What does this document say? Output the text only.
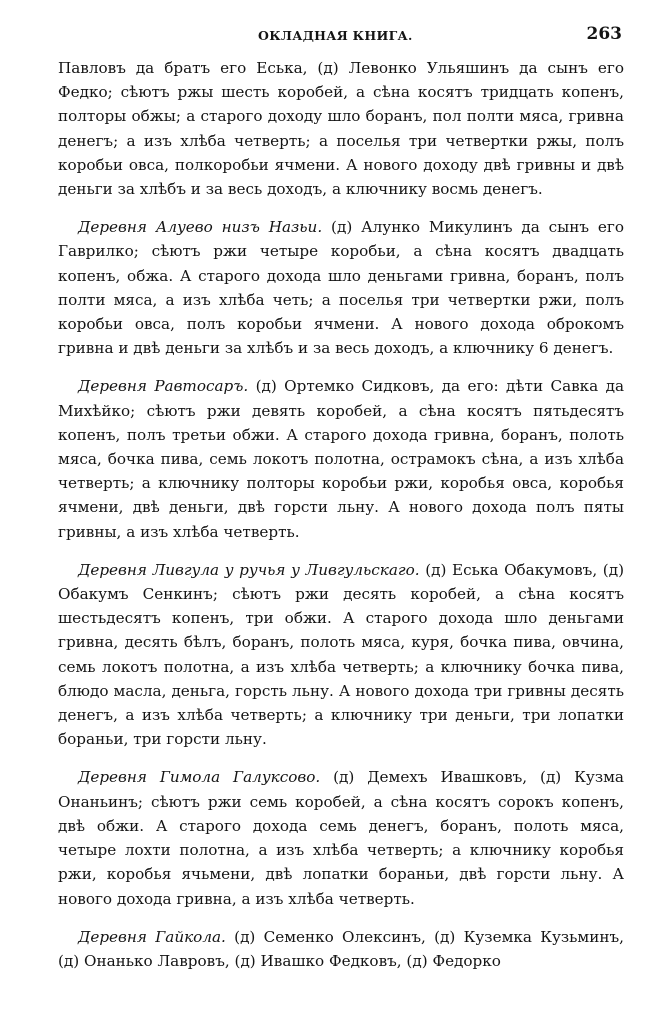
ОКЛАДНАЯ КНИГА.	263

Павловъ да братъ его Еська, (д) Левонко Ульяшинъ да сынъ его Федко; сѣютъ ржы шесть коробей, а сѣна косятъ тридцать копенъ, полторы обжы; а старого доходу шло боранъ, пол полти мяса, гривна денегъ; а изъ хлѣба четверть; а поселья три четвертки ржы, полъ коробьи овса, полкоробьи ячмени. А нового доходу двѣ гривны и двѣ деньги за хлѣбъ и за весь доходъ, а ключнику восмь денегъ.

Деревня Алуево низъ Назьи. (д) Алунко Микулинъ да сынъ его Гаврилко; сѣютъ ржи четыре коробьи, а сѣна косятъ двадцать копенъ, обжа. А старого дохода шло деньгами гривна, боранъ, полъ полти мяса, а изъ хлѣба четь; а поселья три четвертки ржи, полъ коробьи овса, полъ коробьи ячмени. А нового дохода оброкомъ гривна и двѣ деньги за хлѣбъ и за весь доходъ, а ключнику 6 денегъ.

Деревня Равтосаръ. (д) Ортемко Сидковъ, да его: дѣти Савка да Михѣйко; сѣютъ ржи девять коробей, а сѣна косятъ пятьдесятъ копенъ, полъ третьи обжи. А старого дохода гривна, боранъ, полоть мяса, бочка пива, семь локотъ полотна, острамокъ сѣна, а изъ хлѣба четверть; а ключнику полторы коробьи ржи, коробья овса, коробья ячмени, двѣ деньги, двѣ горсти льну. А нового дохода полъ пяты гривны, а изъ хлѣба четверть.

Деревня Ливгула у ручья у Ливгульскаго. (д) Еська Обакумовъ, (д) Обакумъ Сенкинъ; сѣютъ ржи десять коробей, а сѣна косятъ шестьдесятъ копенъ, три обжи. А старого дохода шло деньгами гривна, десять бѣлъ, боранъ, полоть мяса, куря, бочка пива, овчина, семь локотъ полотна, а изъ хлѣба четверть; а ключнику бочка пива, блюдо масла, деньга, горсть льну. А нового дохода три гривны десять денегъ, а изъ хлѣба четверть; а ключнику три деньги, три лопатки бораньи, три горсти льну.

Деревня Гимола Галуксово. (д) Демехъ Ивашковъ, (д) Кузма Онаньинъ; сѣютъ ржи семь коробей, а сѣна косятъ сорокъ копенъ, двѣ обжи. А старого дохода семь денегъ, боранъ, полоть мяса, четыре лохти полотна, а изъ хлѣба четверть; а ключнику коробья ржи, коробья ячьмени, двѣ лопатки бораньи, двѣ горсти льну. А нового дохода гривна, а изъ хлѣба четверть.

Деревня Гайкола. (д) Семенко Олексинъ, (д) Куземка Кузьминъ, (д) Онанько Лавровъ, (д) Ивашко Федковъ, (д) Федорко
